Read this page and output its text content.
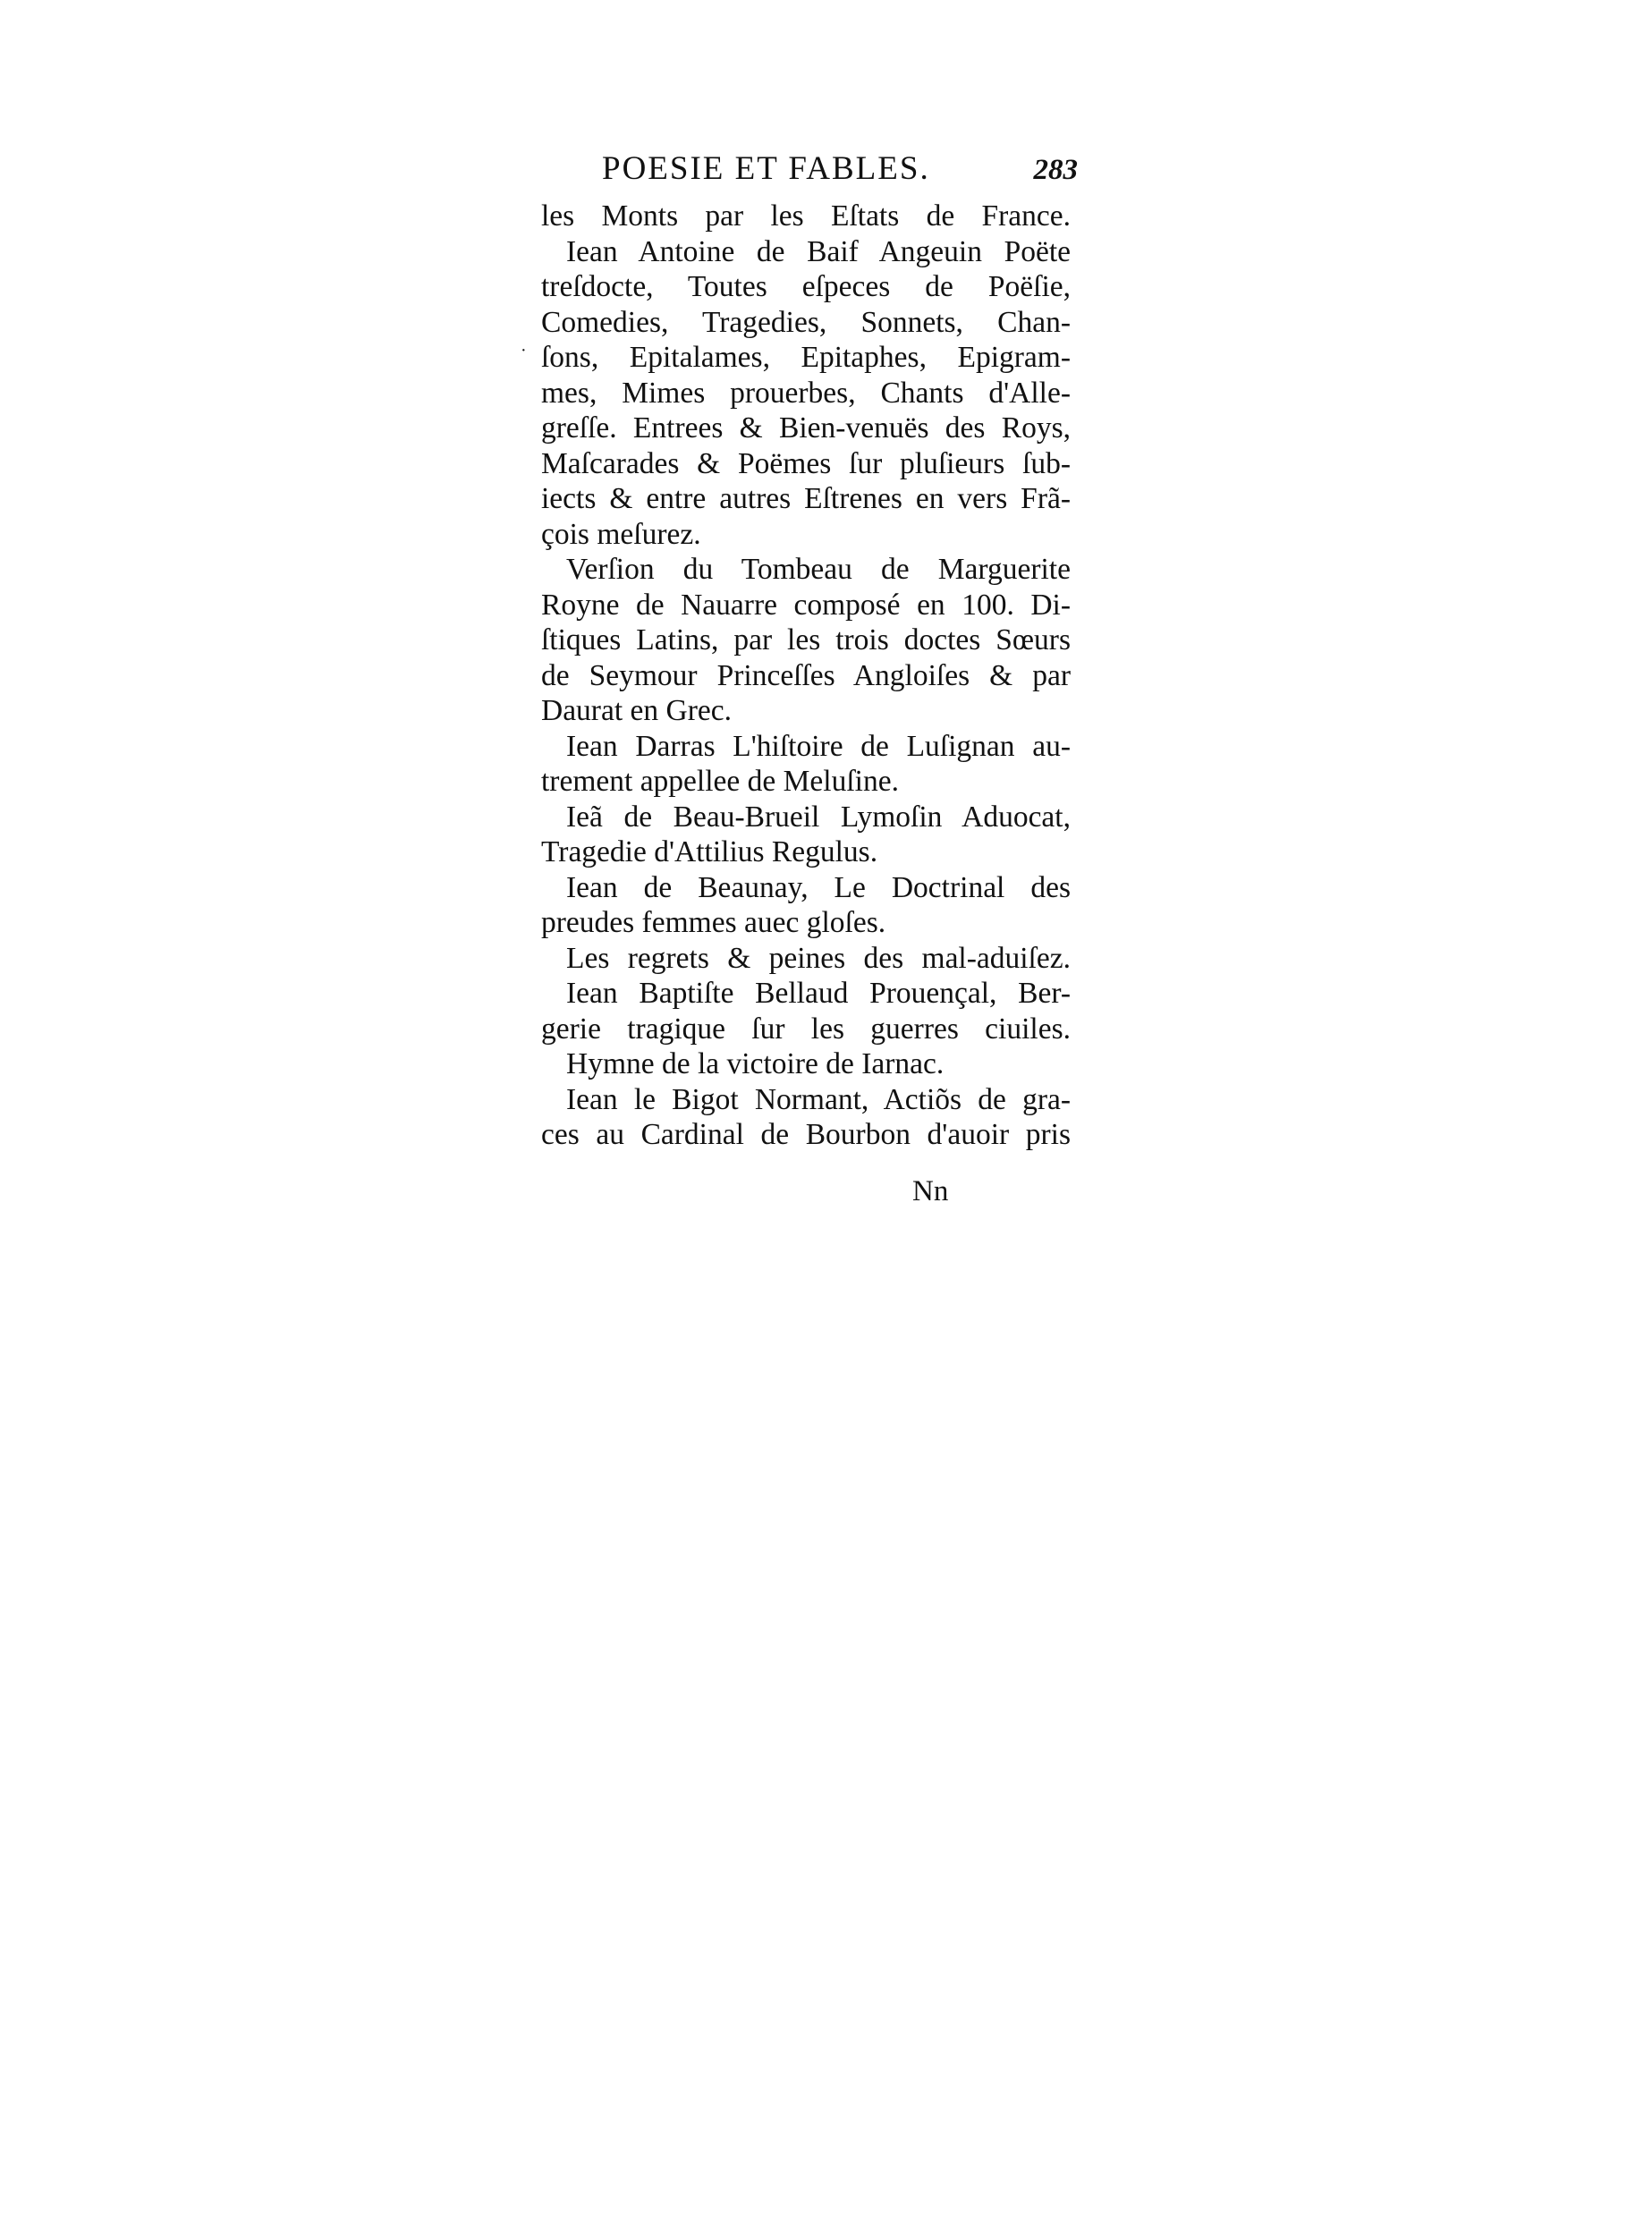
POESIE ET FABLES.	283
les Monts par les Eſtats de France.
Iean Antoine de Baif Angeuin Poëte
treſdocte, Toutes eſpeces de Poëſie,
Comedies, Tragedies, Sonnets, Chan-
ſons, Epitalames, Epitaphes, Epigram-
mes, Mimes prouerbes, Chants d'Alle-
greſſe. Entrees & Bien-venuës des Roys,
Maſcarades & Poëmes ſur pluſieurs ſub-
iects & entre autres Eſtrenes en vers Frã-
çois meſurez.
Verſion du Tombeau de Marguerite
Royne de Nauarre composé en 100. Di-
ſtiques Latins, par les trois doctes Sœurs
de Seymour Princeſſes Angloiſes & par
Daurat en Grec.
Iean Darras L'hiſtoire de Luſignan au-
trement appellee de Meluſine.
Ieã de Beau-Brueil Lymoſin Aduocat,
Tragedie d'Attilius Regulus.
Iean de Beaunay, Le Doctrinal des
preudes femmes auec gloſes.
Les regrets & peines des mal-aduiſez.
Iean Baptiſte Bellaud Prouençal, Ber-
gerie tragique ſur les guerres ciuiles.
Hymne de la victoire de Iarnac.
Iean le Bigot Normant, Actiõs de gra-
ces au Cardinal de Bourbon d'auoir pris
·
Nn
